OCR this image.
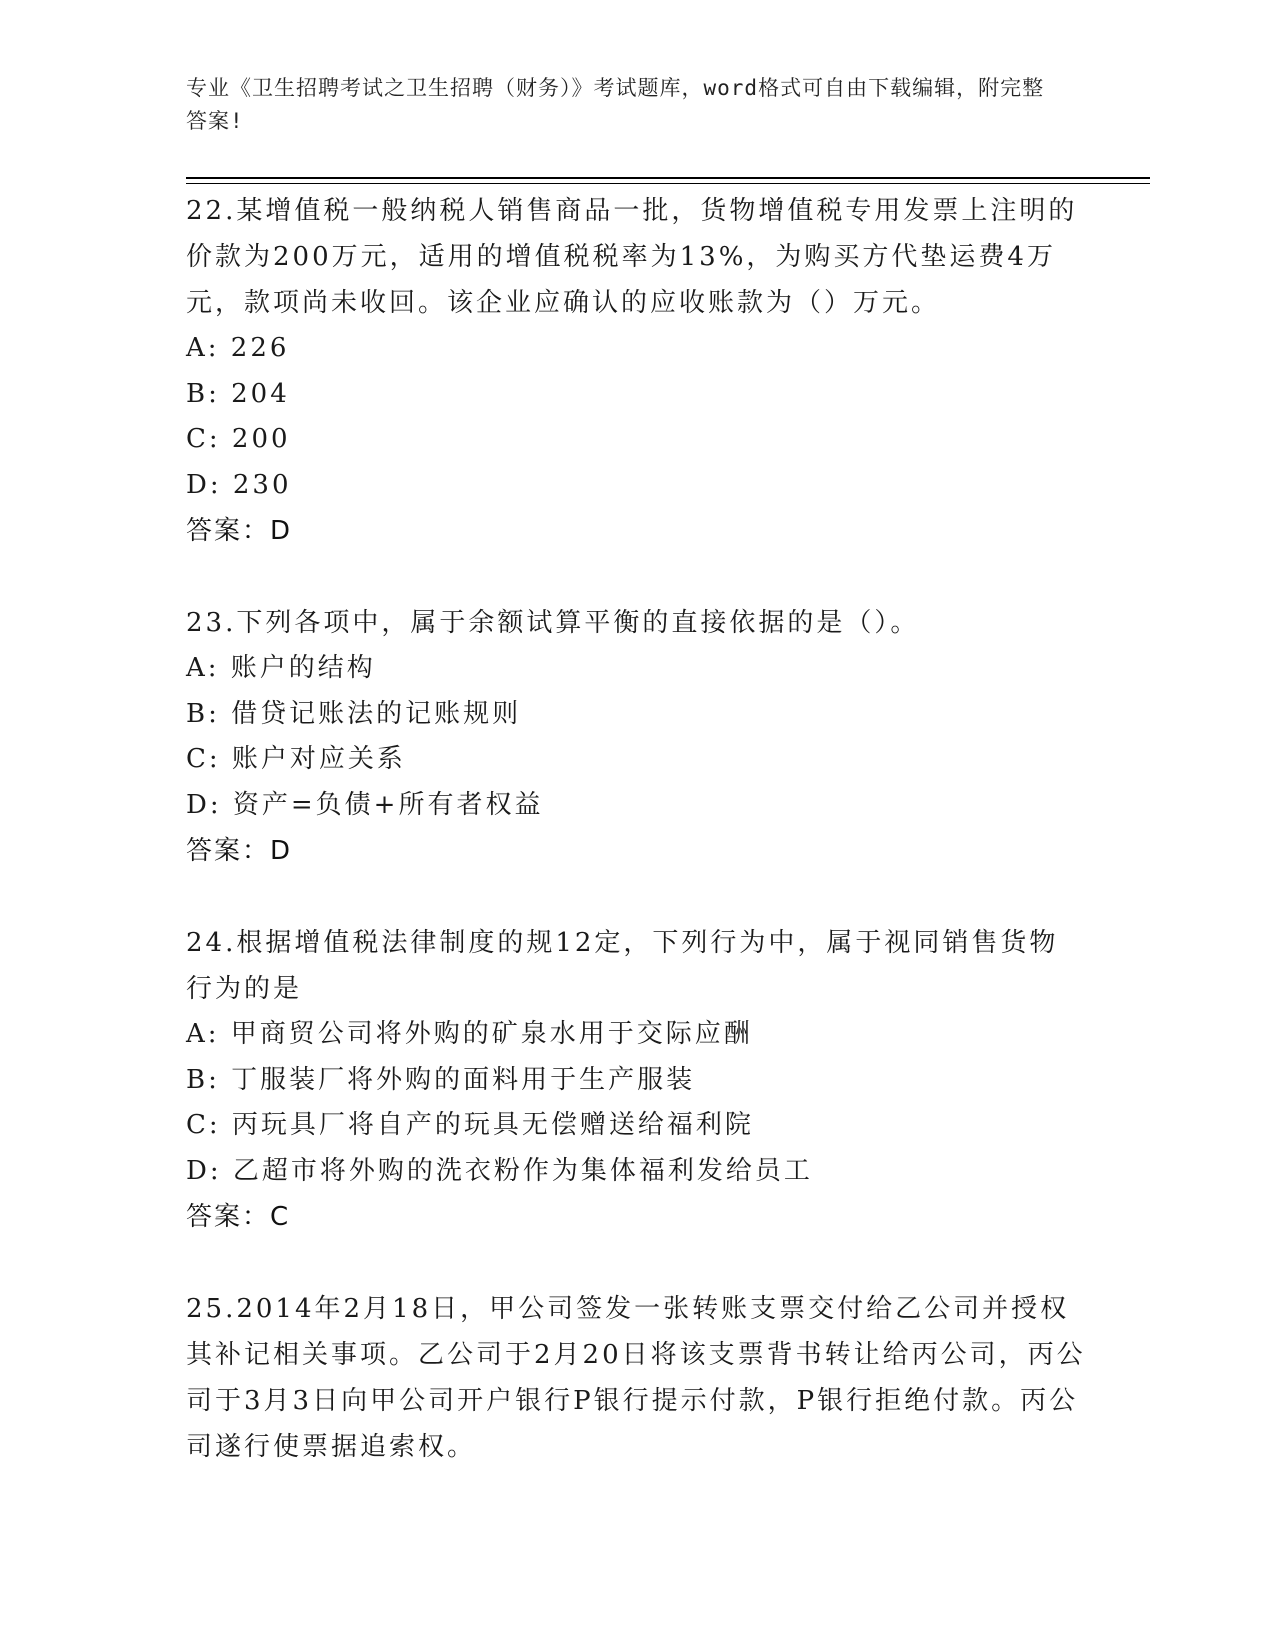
专业《卫生招聘考试之卫生招聘（财务）》考试题库，word格式可自由下载编辑，附完整答案!

22.某增值税一般纳税人销售商品一批，货物增值税专用发票上注明的价款为200万元，适用的增值税税率为13%，为购买方代垫运费4万元，款项尚未收回。该企业应确认的应收账款为（）万元。

A: 226

B: 204

C: 200

D: 230

答案：D

23.下列各项中，属于余额试算平衡的直接依据的是（）。

A: 账户的结构

B: 借贷记账法的记账规则

C: 账户对应关系

D: 资产=负债+所有者权益

答案：D

24.根据增值税法律制度的规12定，下列行为中，属于视同销售货物行为的是

A: 甲商贸公司将外购的矿泉水用于交际应酬

B: 丁服装厂将外购的面料用于生产服装

C: 丙玩具厂将自产的玩具无偿赠送给福利院

D: 乙超市将外购的洗衣粉作为集体福利发给员工

答案：C

25.2014年2月18日，甲公司签发一张转账支票交付给乙公司并授权其补记相关事项。乙公司于2月20日将该支票背书转让给丙公司，丙公司于3月3日向甲公司开户银行P银行提示付款，P银行拒绝付款。丙公司遂行使票据追索权。
